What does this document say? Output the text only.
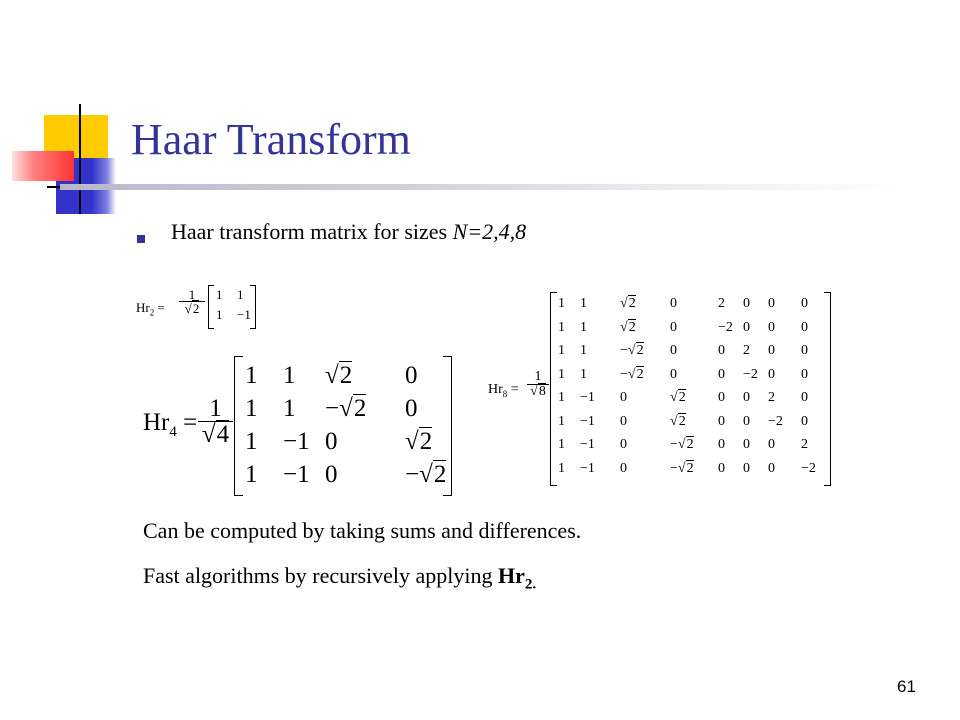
Haar Transform
Haar transform matrix for sizes N=2,4,8
$Hr_2$ =
1
√2
1 1
1 −1
$Hr_4$ =
1
√4
1 1 √2 0
1 1 −√2 0
1 −1 0	√2
1 −1 0	−√2
$Hr_8$ =
1
√8
1 1 √2 0	2 0 0 0
1 1 √2 0	−2 0 0 0
1 1 −√2 0	0 2 0 0
1 1 −√2 0	0 −2 0 0
1 −1 0	√2 0 0 2 0
1 −1 0	√2 0 0 −2 0
1 −1 0	−√2 0 0 0 2
1 −1 0	−√2 0 0 0 −2
Can be computed by taking sums and differences.
Fast algorithms by recursively applying $Hr_{2.}$
61
